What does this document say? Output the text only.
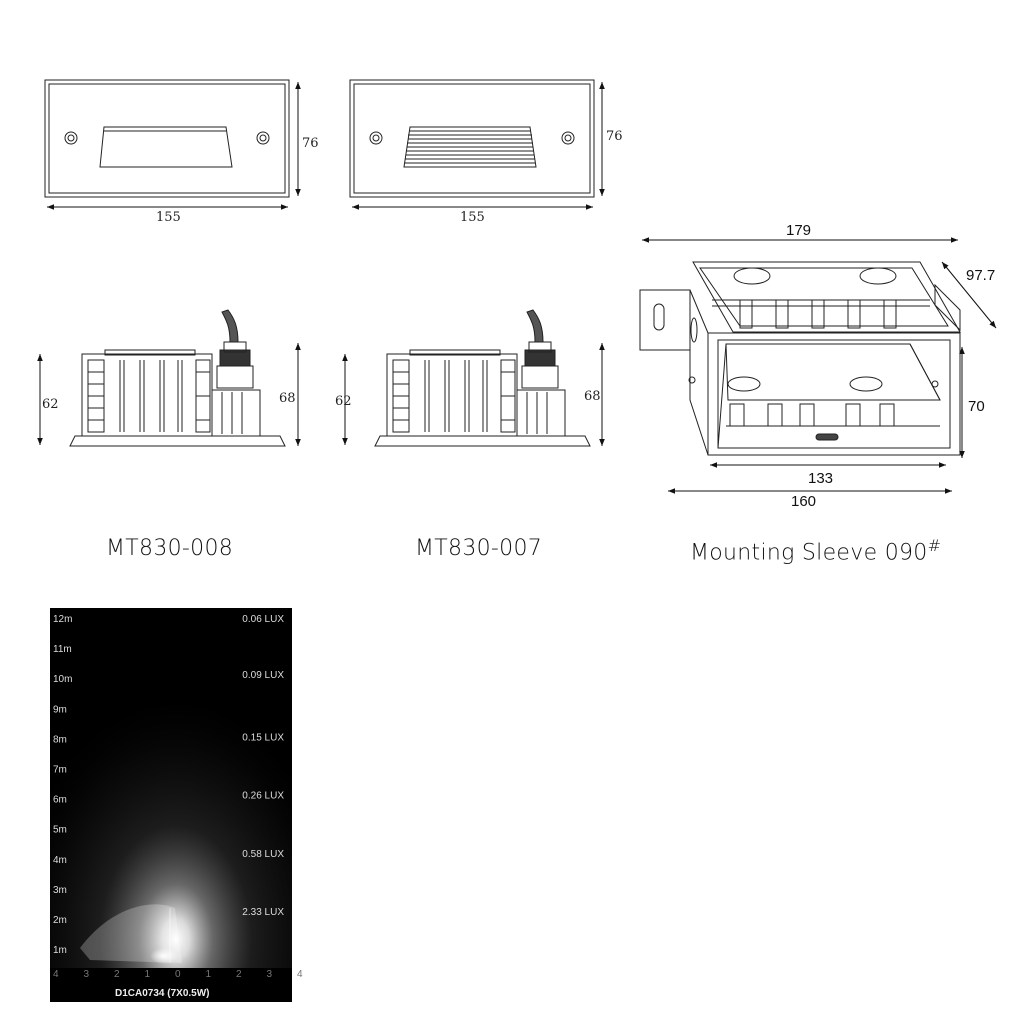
76
155
76
155
62	68	62	68
179
97.7
70
133
160
MT830-008	MT830-007	Mounting Sleeve 090#
12m
11m
10m
9m
8m
7m
6m
5m
4m
3m
2m
1m
0.06 LUX
0.09 LUX
0.15 LUX
0.26 LUX
0.58 LUX
2.33 LUX
4 3 2 1 0 1 2 3 4
D1CA0734 (7X0.5W)
